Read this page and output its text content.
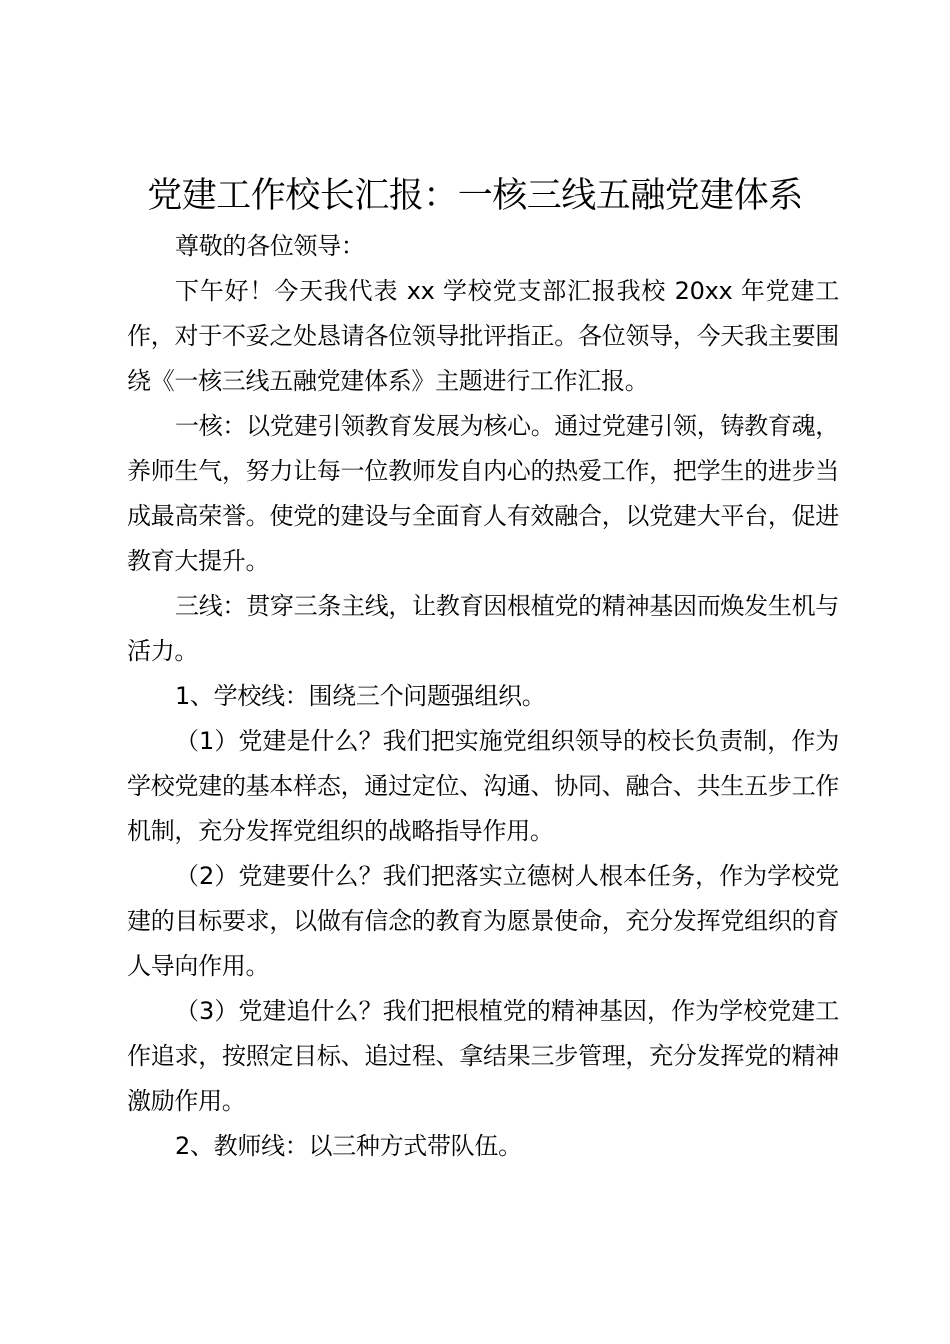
党建工作校长汇报：一核三线五融党建体系

尊敬的各位领导：

下午好！今天我代表 xx 学校党支部汇报我校 20xx 年党建工作，对于不妥之处恳请各位领导批评指正。各位领导，今天我主要围绕《一核三线五融党建体系》主题进行工作汇报。

一核：以党建引领教育发展为核心。通过党建引领，铸教育魂，养师生气，努力让每一位教师发自内心的热爱工作，把学生的进步当成最高荣誉。使党的建设与全面育人有效融合，以党建大平台，促进教育大提升。

三线：贯穿三条主线，让教育因根植党的精神基因而焕发生机与活力。

1、学校线：围绕三个问题强组织。

（1）党建是什么？我们把实施党组织领导的校长负责制，作为学校党建的基本样态，通过定位、沟通、协同、融合、共生五步工作机制，充分发挥党组织的战略指导作用。

（2）党建要什么？我们把落实立德树人根本任务，作为学校党建的目标要求，以做有信念的教育为愿景使命，充分发挥党组织的育人导向作用。

（3）党建追什么？我们把根植党的精神基因，作为学校党建工作追求，按照定目标、追过程、拿结果三步管理，充分发挥党的精神激励作用。

2、教师线：以三种方式带队伍。
